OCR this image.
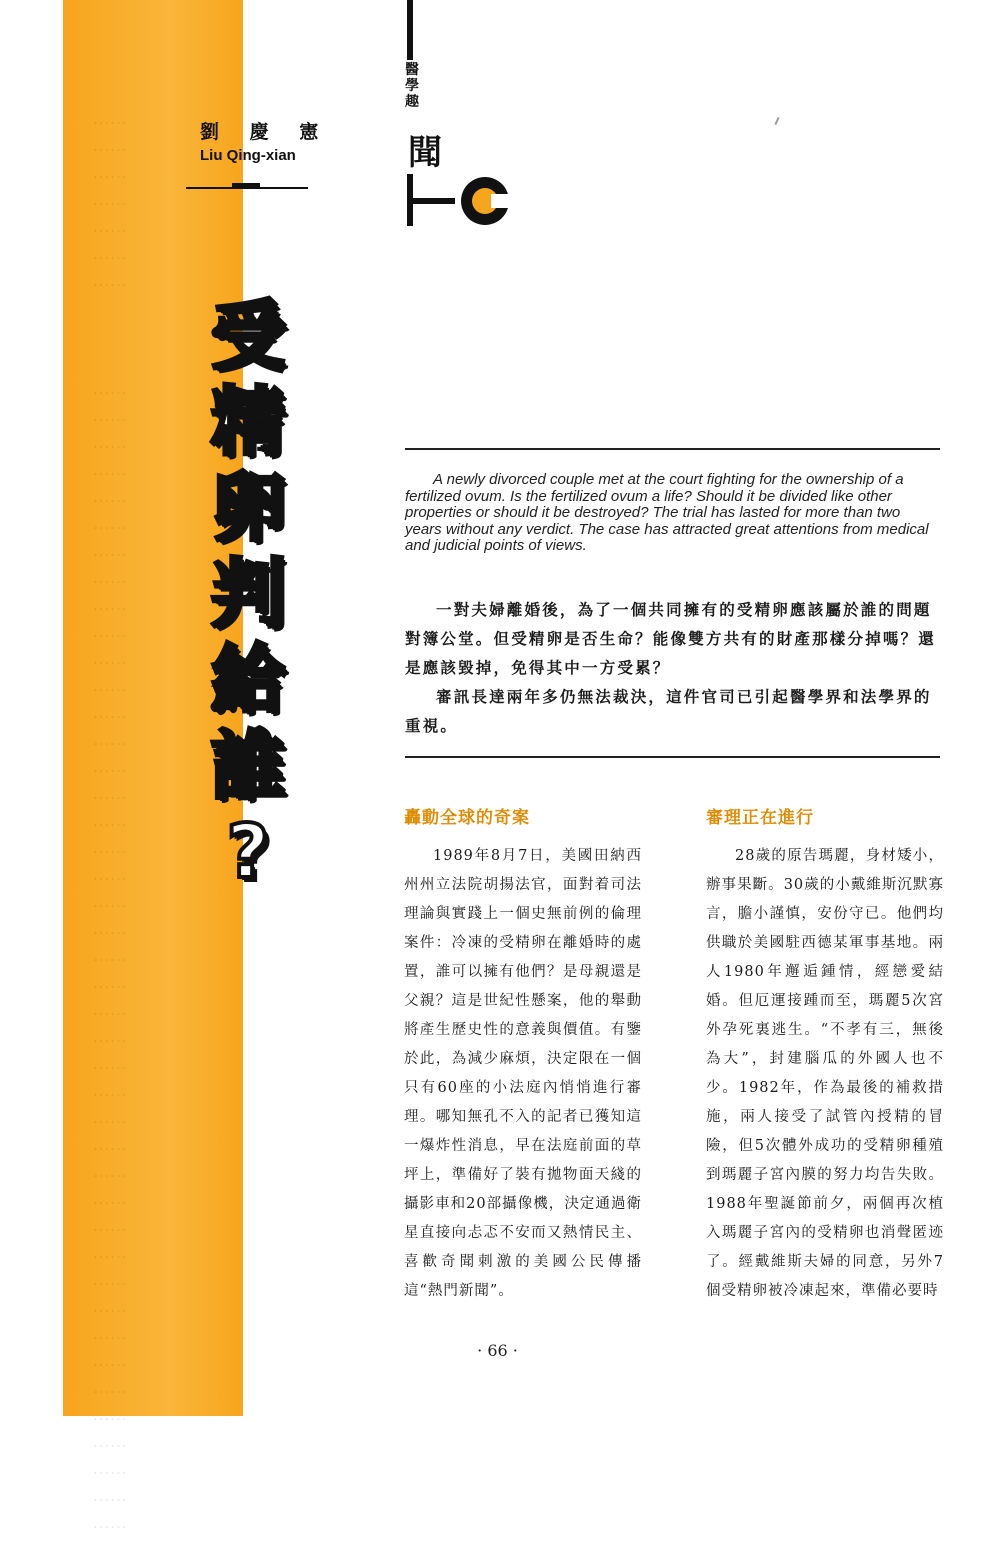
······
······
······
······
······
······
······
······
······
······
······
······
······
······
······
······
······
······
······
······
······
······
······
······
······
······
······
······
······
······
······
······
······
······
······
······
······
······
······
······
······
······
······
······
······
······
······
······
······
······
劉 慶 憲
Liu Qing-xian
受
精
卵
判
給
誰
?
醫學趣
聞
A newly divorced couple met at the court fighting for the ownership of a fertilized ovum. Is the fertilized ovum a life? Should it be divided like other properties or should it be destroyed? The trial has lasted for more than two years without any verdict. The case has attracted great attentions from medical and judicial points of views.

一對夫婦離婚後，為了一個共同擁有的受精卵應該屬於誰的問題對簿公堂。但受精卵是否生命？能像雙方共有的財產那樣分掉嗎？還是應該毀掉，免得其中一方受累？

審訊長達兩年多仍無法裁決，這件官司已引起醫學界和法學界的重視。

轟動全球的奇案

1989年8月7日，美國田納西州州立法院胡揚法官，面對着司法理論與實踐上一個史無前例的倫理案件：冷凍的受精卵在離婚時的處置，誰可以擁有他們？是母親還是父親？這是世紀性懸案，他的舉動將產生歷史性的意義與價值。有鑒於此，為減少麻煩，決定限在一個只有60座的小法庭內悄悄進行審理。哪知無孔不入的記者已獲知這一爆炸性消息，早在法庭前面的草坪上，準備好了裝有拋物面天綫的攝影車和20部攝像機，決定通過衛星直接向忐忑不安而又熱情民主、喜歡奇聞刺激的美國公民傳播這“熱門新聞”。

審理正在進行

28歲的原告瑪麗，身材矮小，辦事果斷。30歲的小戴維斯沉默寡言，膽小謹慎，安份守已。他們均供職於美國駐西德某軍事基地。兩人1980年邂逅鍾情，經戀愛結婚。但厄運接踵而至，瑪麗5次宮外孕死裏逃生。“不孝有三，無後為大”，封建腦瓜的外國人也不少。1982年，作為最後的補救措施，兩人接受了試管內授精的冒險，但5次體外成功的受精卵種殖到瑪麗子宮內膜的努力均告失敗。1988年聖誕節前夕，兩個再次植入瑪麗子宮內的受精卵也消聲匿迹了。經戴維斯夫婦的同意，另外7個受精卵被冷凍起來，準備必要時

· 66 ·
